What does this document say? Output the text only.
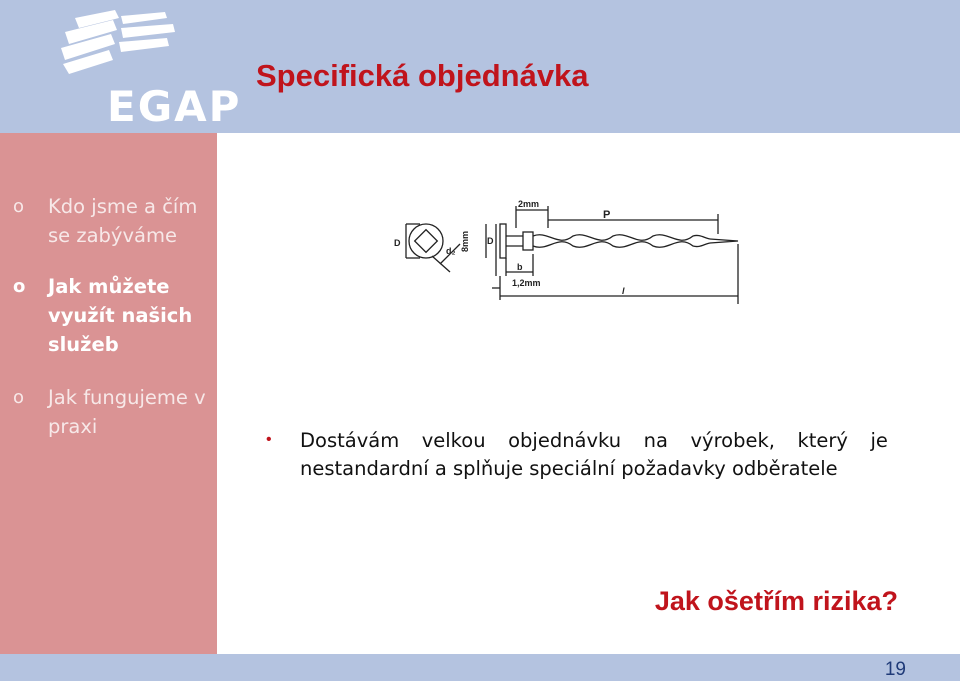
EGAP
Specifická objednávka
o Kdo jsme a čím se zabýváme
o Jak můžete využít našich služeb
o Jak fungujeme v praxi
D
d₂ 8mm D
2mm
P
b
1,2mm
l
• Dostávám velkou objednávku na výrobek, který je
nestandardní a splňuje speciální požadavky odběratele
Jak ošetřím rizika?
19
